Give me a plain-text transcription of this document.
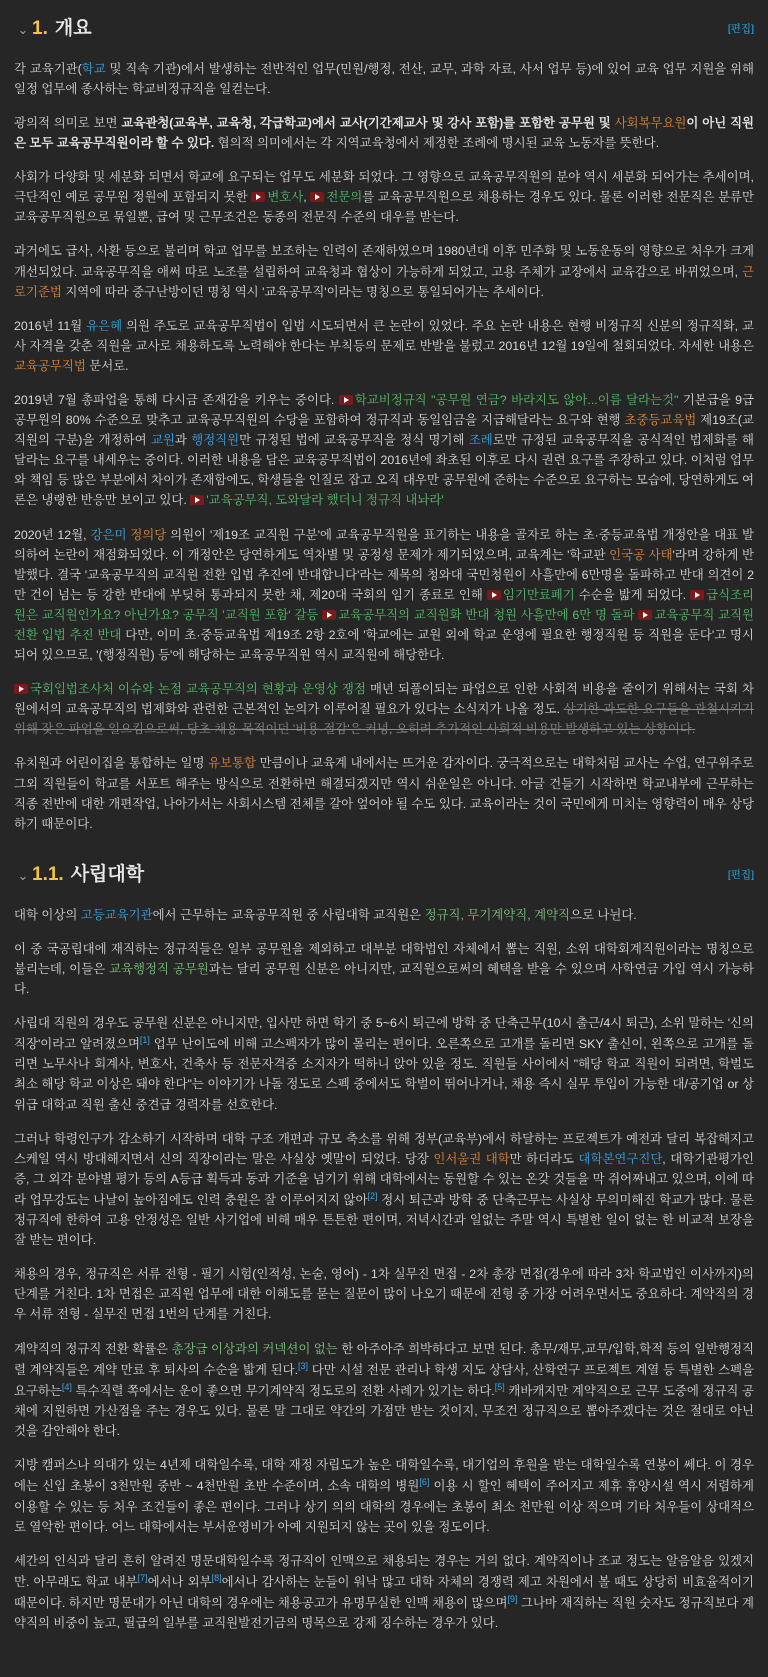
⌄ 1. 개요	[편집]

각 교육기관(학교 및 직속 기관)에서 발생하는 전반적인 업무(민원/행정, 전산, 교무, 과학 자료, 사서 업무 등)에 있어 교육 업무 지원을 위해 일정 업무에 종사하는 학교비정규직을 일컫는다.

광의적 의미로 보면 교육관청(교육부, 교육청, 각급학교)에서 교사(기간제교사 및 강사 포함)를 포함한 공무원 및 사회복무요원이 아닌 직원은 모두 교육공무직원이라 할 수 있다. 협의적 의미에서는 각 지역교육청에서 제정한 조례에 명시된 교육 노동자를 뜻한다.

사회가 다양화 및 세분화 되면서 학교에 요구되는 업무도 세분화 되었다. 그 영향으로 교육공무직원의 분야 역시 세분화 되어가는 추세이며, 극단적인 예로 공무원 정원에 포함되지 못한 변호사, 전문의를 교육공무직원으로 채용하는 경우도 있다. 물론 이러한 전문직은 분류만 교육공무직원으로 묶일뿐, 급여 및 근무조건은 동종의 전문직 수준의 대우를 받는다.

과거에도 급사, 사환 등으로 불리며 학교 업무를 보조하는 인력이 존재하였으며 1980년대 이후 민주화 및 노동운동의 영향으로 처우가 크게 개선되었다. 교육공무직을 애써 따로 노조를 설립하여 교육청과 협상이 가능하게 되었고, 고용 주체가 교장에서 교육감으로 바뀌었으며, 근로기준법 지역에 따라 중구난방이던 명칭 역시 '교육공무직'이라는 명칭으로 통일되어가는 추세이다.

2016년 11월 유은혜 의원 주도로 교육공무직법이 입법 시도되면서 큰 논란이 있었다. 주요 논란 내용은 현행 비정규직 신분의 정규직화, 교사 자격을 갖춘 직원을 교사로 채용하도록 노력해야 한다는 부칙등의 문제로 반발을 불렀고 2016년 12월 19일에 철회되었다. 자세한 내용은 교육공무직법 문서로.

2019년 7월 총파업을 통해 다시금 존재감을 키우는 중이다. 학교비정규직 "공무원 연금? 바라지도 않아...이름 달라는것" 기본급을 9급 공무원의 80% 수준으로 맞추고 교육공무직원의 수당을 포함하여 정규직과 동일임금을 지급해달라는 요구와 현행 초중등교육법 제19조(교직원의 구분)을 개정하여 교원과 행정직원만 규정된 법에 교육공무직을 정식 명기해 조례로만 규정된 교육공무직을 공식적인 법제화를 해 달라는 요구를 내세우는 중이다. 이러한 내용을 담은 교육공무직법이 2016년에 좌초된 이후로 다시 권련 요구를 주장하고 있다. 이처럼 업무와 책임 등 많은 부분에서 차이가 존재함에도, 학생들을 인질로 잡고 오직 대우만 공무원에 준하는 수준으로 요구하는 모습에, 당연하게도 여론은 냉랭한 반응만 보이고 있다. '교육공무직, 도와달라 했더니 정규직 내놔라'

2020년 12월, 강은미 정의당 의원이 '제19조 교직원 구분'에 교육공무직원을 표기하는 내용을 골자로 하는 초·중등교육법 개정안을 대표 발의하여 논란이 재점화되었다. 이 개정안은 당연하게도 역차별 및 공정성 문제가 제기되었으며, 교육계는 '학교판 인국공 사태'라며 강하게 반발했다. 결국 '교육공무직의 교직원 전환 입법 추진에 반대합니다'라는 제목의 청와대 국민청원이 사흘만에 6만명을 돌파하고 반대 의견이 2만 건이 넘는 등 강한 반대에 부딪혀 통과되지 못한 채, 제20대 국회의 임기 종료로 인해 임기만료폐기 수순을 밟게 되었다. 급식조리원은 교직원인가요? 아닌가요? 공무직 '교직원 포함' 갈등 교육공무직의 교직원화 반대 청원 사흘만에 6만 명 돌파 교육공무직 교직원 전환 입법 추진 반대 다만, 이미 초·중등교육법 제19조 2항 2호에 '학교에는 교원 외에 학교 운영에 필요한 행정직원 등 직원을 둔다'고 명시되어 있으므로, '(행정직원) 등'에 해당하는 교육공무직원 역시 교직원에 해당한다.

국회입법조사처 이슈와 논점 교육공무직의 현황과 운영상 쟁점 매년 되풀이되는 파업으로 인한 사회적 비용을 줄이기 위해서는 국회 차원에서의 교육공무직의 법제화와 관련한 근본적인 논의가 이루어질 필요가 있다는 소식지가 나올 정도. 상기한 과도한 요구들을 관철시키기 위해 잦은 파업을 일으킴으로써, 당초 채용 목적이던 '비용·절감'은 커녕, 오히려 추가적인 사회적 비용만 발생하고 있는 상황이다.

유치원과 어린이집을 통합하는 일명 유보통합 만큼이나 교육계 내에서는 뜨거운 감자이다. 궁극적으로는 대학처럼 교사는 수업, 연구위주로 그외 직원들이 학교를 서포트 해주는 방식으로 전환하면 해결되겠지만 역시 쉬운일은 아니다. 아글 건들기 시작하면 학교내부에 근무하는 직종 전반에 대한 개편작업, 나아가서는 사회시스템 전체를 갈아 엎어야 될 수도 있다. 교육이라는 것이 국민에게 미치는 영향력이 매우 상당하기 때문이다.

⌄ 1.1. 사립대학	[편집]

대학 이상의 고등교육기관에서 근무하는 교육공무직원 중 사립대학 교직원은 정규직, 무기계약직, 계약직으로 나뉜다.

이 중 국공립대에 재직하는 정규직들은 일부 공무원을 제외하고 대부분 대학법인 자체에서 뽑는 직원, 소위 대학회계직원이라는 명칭으로 불리는데, 이들은 교육행정직 공무원과는 달리 공무원 신분은 아니지만, 교직원으로써의 혜택을 받을 수 있으며 사학연금 가입 역시 가능하다.

사립대 직원의 경우도 공무원 신분은 아니지만, 입사만 하면 학기 중 5~6시 퇴근에 방학 중 단축근무(10시 출근/4시 퇴근), 소위 말하는 '신의 직장'이라고 알려졌으며[1] 업무 난이도에 비해 고스펙자가 많이 몰리는 편이다. 오른쪽으로 고개를 돌리면 SKY 출신이, 왼쪽으로 고개를 돌리면 노무사나 회계사, 변호사, 건축사 등 전문자격증 소지자가 떡하니 앉아 있을 정도. 직원들 사이에서 "해당 학교 직원이 되려면, 학벌도 최소 해당 학교 이상은 돼야 한다"는 이야기가 나돌 정도로 스펙 중에서도 학벌이 뛰어나거나, 채용 즉시 실무 투입이 가능한 대/공기업 or 상위급 대학교 직원 출신 중견급 경력자를 선호한다.

그러나 학령인구가 감소하기 시작하며 대학 구조 개편과 규모 축소를 위해 정부(교육부)에서 하달하는 프로젝트가 예전과 달리 복잡해지고 스케일 역시 방대해지면서 신의 직장이라는 말은 사실상 옛말이 되었다. 당장 인서울권 대학만 하더라도 대학본연구진단, 대학기관평가인증, 그 외각 분야별 평가 등의 A등급 획득과 동과 기준을 넘기기 위해 대학에서는 동원할 수 있는 온갖 것들을 막 쥐어짜내고 있으며, 이에 따라 업무강도는 나날이 높아짐에도 인력 충원은 잘 이루어지지 않아[2] 정시 퇴근과 방학 중 단축근무는 사실상 무의미해진 학교가 많다. 물론 정규직에 한하여 고용 안정성은 일반 사기업에 비해 매우 튼튼한 편이며, 저녁시간과 일없는 주말 역시 특별한 일이 없는 한 비교적 보장을 잘 받는 편이다.

채용의 경우, 정규직은 서류 전형 - 필기 시험(인적성, 논술, 영어) - 1차 실무진 면접 - 2차 총장 면접(경우에 따라 3차 학교법인 이사까지)의 단계를 거친다. 1차 면접은 교직원 업무에 대한 이해도를 묻는 질문이 많이 나오기 때문에 전형 중 가장 어려우면서도 중요하다. 계약직의 경우 서류 전형 - 실무진 면접 1번의 단계를 거친다.

계약직의 정규직 전환 확률은 총장급 이상과의 커넥션이 없는 한 아주아주 희박하다고 보면 된다. 총무/재무,교무/입학,학적 등의 일반행정직렬 계약직들은 계약 만료 후 퇴사의 수순을 밟게 된다.[3] 다만 시설 전문 관리나 학생 지도 상담사, 산학연구 프로젝트 계열 등 특별한 스펙을 요구하는[4] 특수직렬 쪽에서는 운이 좋으면 무기계약직 정도로의 전환 사례가 있기는 하다.[5] 캐바캐지만 계약직으로 근무 도중에 정규직 공채에 지원하면 가산점을 주는 경우도 있다. 물론 말 그대로 약간의 가점만 받는 것이지, 무조건 정규직으로 뽑아주겠다는 것은 절대로 아닌 것을 감안해야 한다.

지방 캠퍼스나 의대가 있는 4년제 대학일수록, 대학 재정 자립도가 높은 대학일수록, 대기업의 후원을 받는 대학일수록 연봉이 쎄다. 이 경우에는 신입 초봉이 3천만원 중반 ~ 4천만원 초반 수준이며, 소속 대학의 병원[6] 이용 시 할인 혜택이 주어지고 제휴 휴양시설 역시 저렴하게 이용할 수 있는 등 처우 조건들이 좋은 편이다. 그러나 상기 의의 대학의 경우에는 초봉이 최소 천만원 이상 적으며 기타 처우들이 상대적으로 열악한 편이다. 어느 대학에서는 부서운영비가 아예 지원되지 않는 곳이 있을 정도이다.

세간의 인식과 달리 흔히 알려진 명문대학일수록 정규직이 인맥으로 채용되는 경우는 거의 없다. 계약직이나 조교 정도는 알음알음 있겠지만. 아무래도 학교 내부[7]에서나 외부[8]에서나 감사하는 눈들이 워낙 많고 대학 자체의 경쟁력 제고 차원에서 볼 때도 상당히 비효율적이기 때문이다. 하지만 명문대가 아닌 대학의 경우에는 채용공고가 유명무실한 인맥 채용이 많으며[9] 그나마 재직하는 직원 숫자도 정규직보다 계약직의 비중이 높고, 필급의 일부를 교직원발전기금의 명목으로 강제 징수하는 경우가 있다.
